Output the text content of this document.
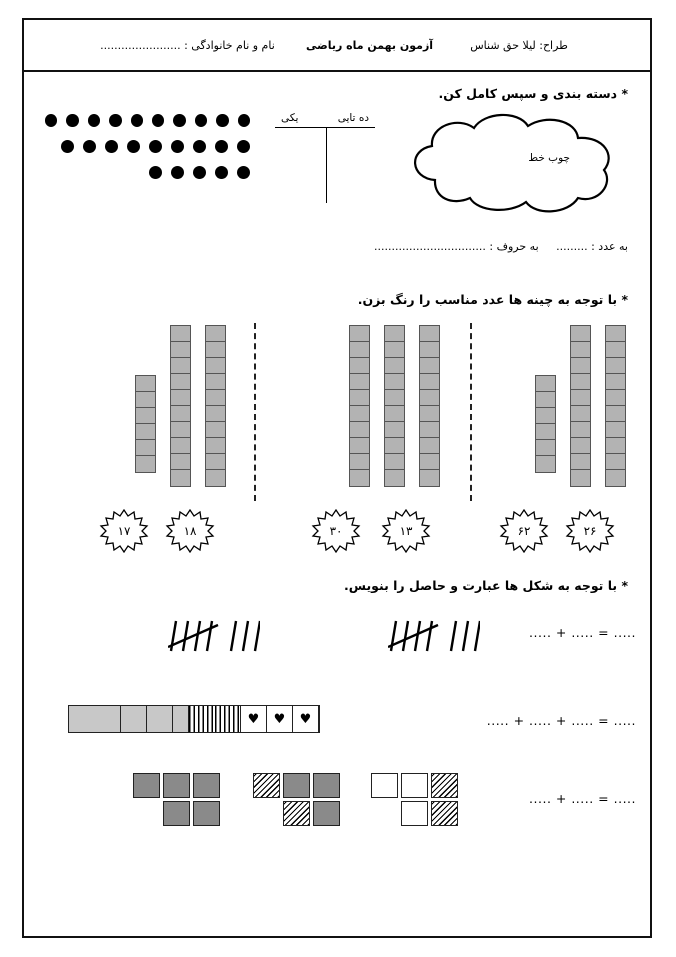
نام و نام خانوادگی : .......................	آزمون بهمن ماه ریاضی	طراح: لیلا حق شناس
* دسته بندی و سپس کامل کن.
ده تایی
یکی
چوب خط
به عدد : .........     به حروف : ................................
* با توجه به چینه ها عدد مناسب را رنگ بزن.
۲۶
۶۲
۱۳
۳۰
۱۸
۱۷
* با توجه به شکل ها عبارت و حاصل را بنویس.
..... + ..... = .....
♥
♥
♥	..... + ..... + ..... = .....
..... + ..... = .....
